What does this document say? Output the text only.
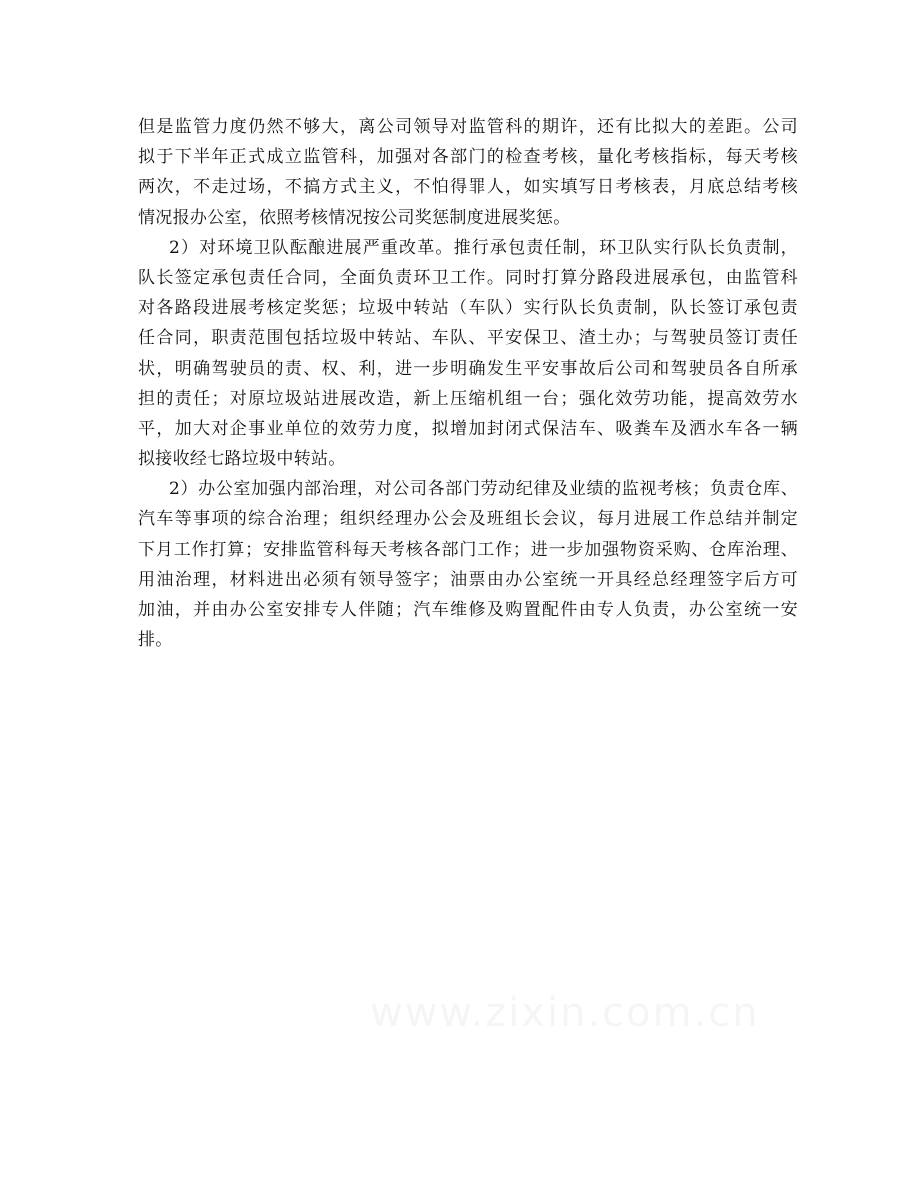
但是监管力度仍然不够大，离公司领导对监管科的期许，还有比拟大的差距。公司
拟于下半年正式成立监管科，加强对各部门的检查考核，量化考核指标，每天考核
两次，不走过场，不搞方式主义，不怕得罪人，如实填写日考核表，月底总结考核
情况报办公室，依照考核情况按公司奖惩制度进展奖惩。
2）对环境卫队酝酿进展严重改革。推行承包责任制，环卫队实行队长负责制，
队长签定承包责任合同，全面负责环卫工作。同时打算分路段进展承包，由监管科
对各路段进展考核定奖惩；垃圾中转站（车队）实行队长负责制，队长签订承包责
任合同，职责范围包括垃圾中转站、车队、平安保卫、渣土办；与驾驶员签订责任
状，明确驾驶员的责、权、利，进一步明确发生平安事故后公司和驾驶员各自所承
担的责任；对原垃圾站进展改造，新上压缩机组一台；强化效劳功能，提高效劳水
平，加大对企事业单位的效劳力度，拟增加封闭式保洁车、吸粪车及洒水车各一辆
拟接收经七路垃圾中转站。
2）办公室加强内部治理，对公司各部门劳动纪律及业绩的监视考核；负责仓库、
汽车等事项的综合治理；组织经理办公会及班组长会议，每月进展工作总结并制定
下月工作打算；安排监管科每天考核各部门工作；进一步加强物资采购、仓库治理、
用油治理，材料进出必须有领导签字；油票由办公室统一开具经总经理签字后方可
加油，并由办公室安排专人伴随；汽车维修及购置配件由专人负责，办公室统一安
排。
